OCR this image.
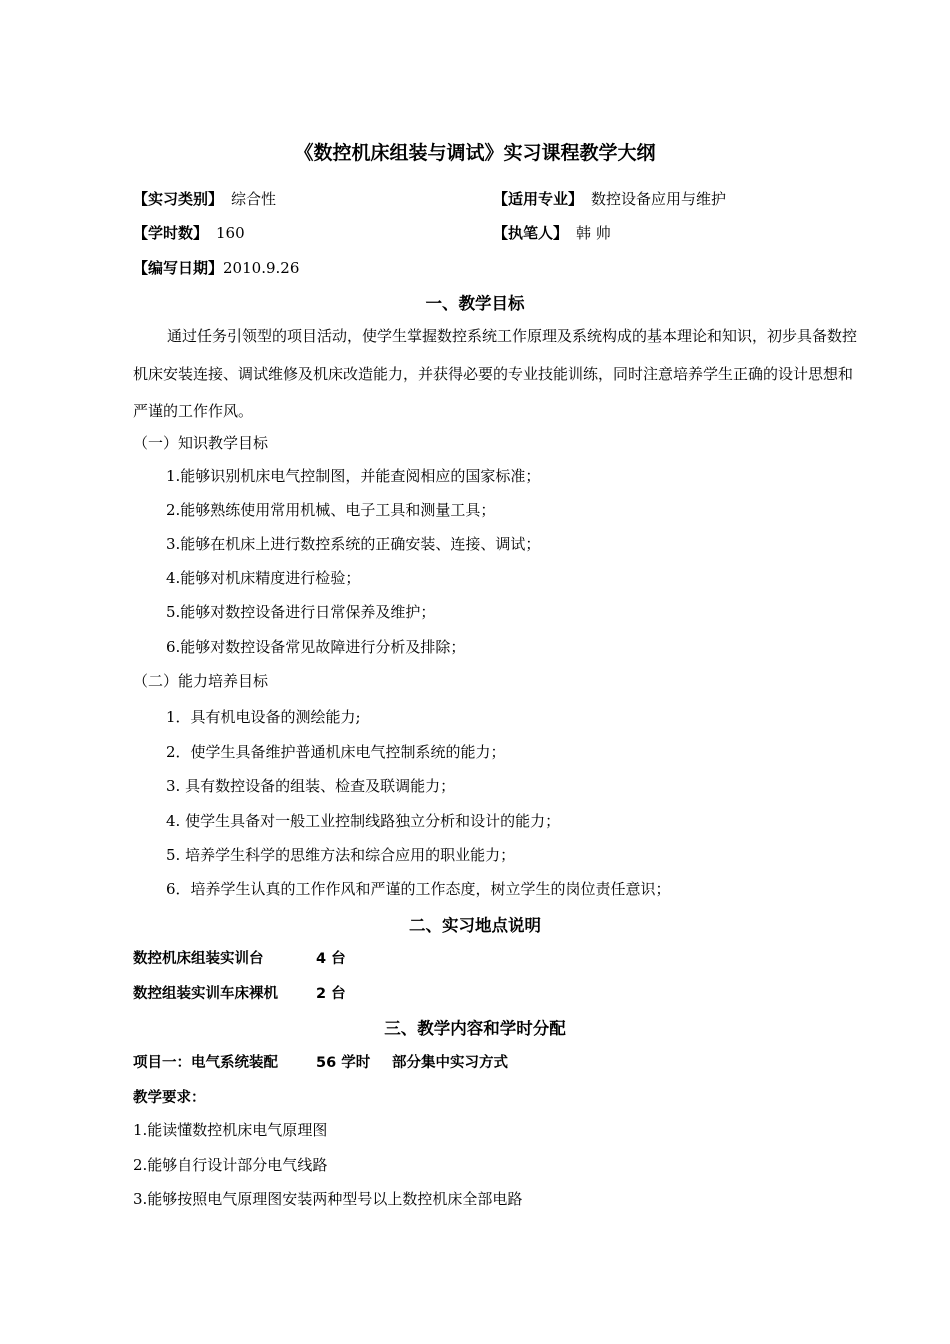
《数控机床组装与调试》实习课程教学大纲
【实习类别】 综合性	【适用专业】 数控设备应用与维护
【学时数】 160	【执笔人】 韩 帅
【编写日期】2010.9.26
一、教学目标

通过任务引领型的项目活动，使学生掌握数控系统工作原理及系统构成的基本理论和知识，初步具备数控机床安装连接、调试维修及机床改造能力，并获得必要的专业技能训练，同时注意培养学生正确的设计思想和严谨的工作作风。

（一）知识教学目标
1.能够识别机床电气控制图，并能查阅相应的国家标准；
2.能够熟练使用常用机械、电子工具和测量工具；
3.能够在机床上进行数控系统的正确安装、连接、调试；
4.能够对机床精度进行检验；
5.能够对数控设备进行日常保养及维护；
6.能够对数控设备常见故障进行分析及排除；
（二）能力培养目标
1．具有机电设备的测绘能力;
2．使学生具备维护普通机床电气控制系统的能力；
3. 具有数控设备的组装、检查及联调能力；
4. 使学生具备对一般工业控制线路独立分析和设计的能力；
5. 培养学生科学的思维方法和综合应用的职业能力；
6．培养学生认真的工作作风和严谨的工作态度，树立学生的岗位责任意识；
二、实习地点说明
数控机床组装实训台	4 台
数控组装实训车床裸机	2 台
三、教学内容和学时分配
项目一：电气系统装配	56 学时 部分集中实习方式
教学要求：
1.能读懂数控机床电气原理图
2.能够自行设计部分电气线路
3.能够按照电气原理图安装两种型号以上数控机床全部电路
